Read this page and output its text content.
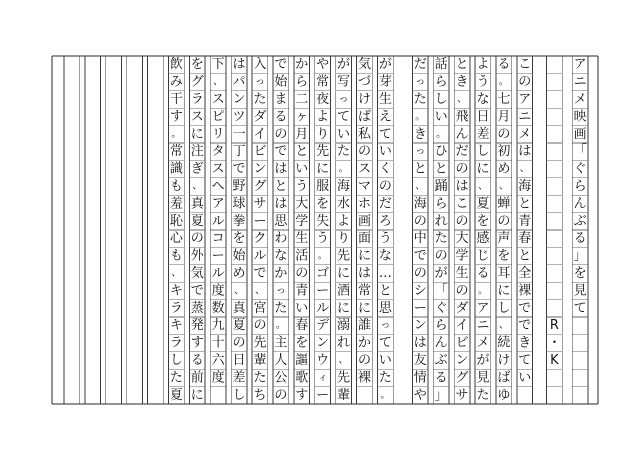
ア
ニ
メ
映
画
「
ぐ
ら
ん
ぶ
る
」
を
見
て
R
・
K
こ
の
ア
ニ
メ
は
、
海
と
青
春
と
全
裸
で
で
き
て
い
る
。
七
月
の
初
め
、
蝉
の
声
を
耳
に
し
、
続
け
ば
ゆ
よ
う
な
日
差
し
に
、
夏
を
感
じ
る
。
ア
ニ
メ
が
見
た
と
き
、
飛
ん
だ
の
は
こ
の
大
学
生
の
ダ
イ
ビ
ン
グ
サ
話
ら
し
い
。
ひ
と
踊
ら
れ
た
の
が
「
ぐ
ら
ん
ぶ
る
」
だ
っ
た
。
き
っ
と
、
海
の
中
で
の
シ
ー
ン
は
友
情
や
が
芽
生
え
て
い
く
の
だ
ろ
う
な
…
と
思
っ
て
い
た
。
気
づ
け
ば
私
の
ス
マ
ホ
画
面
に
は
常
に
誰
か
の
裸
が
写
っ
て
い
た
。
海
水
よ
り
先
に
酒
に
溺
れ
、
先
輩
や
常
夜
よ
り
先
に
服
を
失
う
。
ゴ
ー
ル
デ
ン
ウ
ィ
ー
か
ら
二
ヶ
月
と
い
う
大
学
生
活
の
青
い
春
を
謳
歌
す
で
始
ま
る
の
で
は
と
は
思
わ
な
か
っ
た
。
主
人
公
の
入
っ
た
ダ
イ
ビ
ン
グ
サ
ー
ク
ル
で
、
宮
の
先
輩
た
ち
は
パ
ン
ツ
一
丁
で
野
球
拳
を
始
め
、
真
夏
の
日
差
し
下
、
ス
ピ
リ
タ
ス
へ
ア
ル
コ
ー
ル
度
数
九
十
六
度
を
グ
ラ
ス
に
注
ぎ
、
真
夏
の
外
気
で
蒸
発
す
る
前
に
飲
み
干
す
。
常
識
も
羞
恥
心
も
、
キ
ラ
キ
ラ
し
た
夏
